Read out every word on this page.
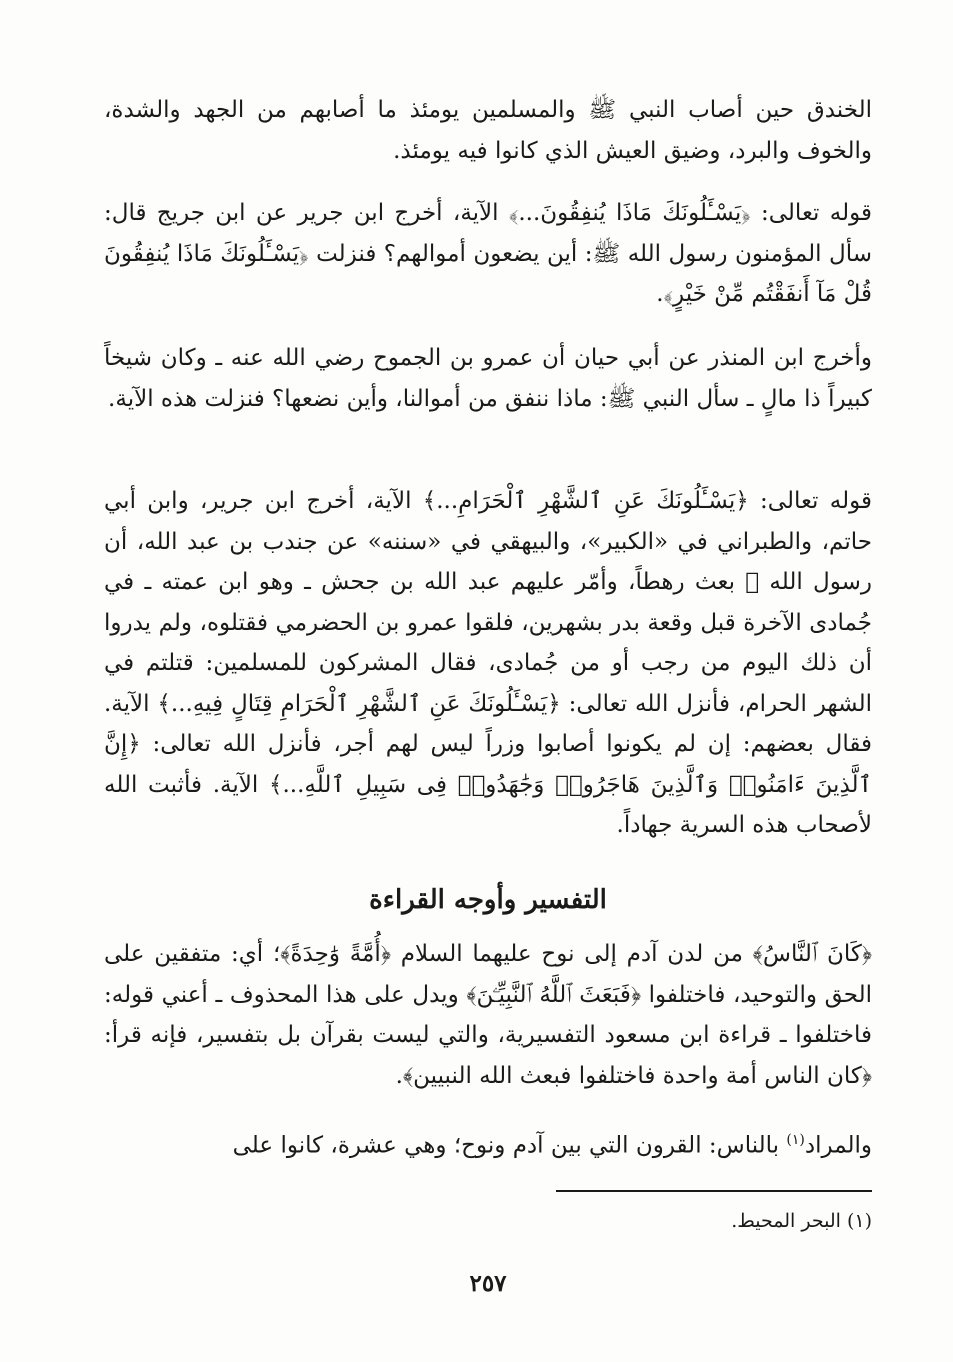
الخندق حين أصاب النبي ﷺ والمسلمين يومئذ ما أصابهم من الجهد والشدة، والخوف والبرد، وضيق العيش الذي كانوا فيه يومئذ.

قوله تعالى: ﴿يَسْـَٔلُونَكَ مَاذَا يُنفِقُونَ...﴾ الآية، أخرج ابن جرير عن ابن جريج قال: سأل المؤمنون رسول الله ﷺ: أين يضعون أموالهم؟ فنزلت ﴿يَسْـَٔلُونَكَ مَاذَا يُنفِقُونَ قُلْ مَآ أَنفَقْتُم مِّنْ خَيْرٍ﴾.

وأخرج ابن المنذر عن أبي حيان أن عمرو بن الجموح رضي الله عنه ـ وكان شيخاً كبيراً ذا مالٍ ـ سأل النبي ﷺ: ماذا ننفق من أموالنا، وأين نضعها؟ فنزلت هذه الآية.

قوله تعالى: ﴿يَسْـَٔلُونَكَ عَنِ ٱلشَّهْرِ ٱلْحَرَامِ...﴾ الآية، أخرج ابن جرير، وابن أبي حاتم، والطبراني في «الكبير»، والبيهقي في «سننه» عن جندب بن عبد الله، أن رسول الله ﷺ بعث رهطاً، وأمّر عليهم عبد الله بن جحش ـ وهو ابن عمته ـ في جُمادى الآخرة قبل وقعة بدر بشهرين، فلقوا عمرو بن الحضرمي فقتلوه، ولم يدروا أن ذلك اليوم من رجب أو من جُمادى، فقال المشركون للمسلمين: قتلتم في الشهر الحرام، فأنزل الله تعالى: ﴿يَسْـَٔلُونَكَ عَنِ ٱلشَّهْرِ ٱلْحَرَامِ قِتَالٍ فِيهِ...﴾ الآية. فقال بعضهم: إن لم يكونوا أصابوا وزراً ليس لهم أجر، فأنزل الله تعالى: ﴿إِنَّ ٱلَّذِينَ ءَامَنُوا۟ وَٱلَّذِينَ هَاجَرُوا۟ وَجَٰهَدُوا۟ فِى سَبِيلِ ٱللَّهِ...﴾ الآية. فأثبت الله لأصحاب هذه السرية جهاداً.

التفسير وأوجه القراءة

﴿كَانَ ٱلنَّاسُ﴾ من لدن آدم إلى نوح عليهما السلام ﴿أُمَّةً وَٰحِدَةً﴾؛ أي: متفقين على الحق والتوحيد، فاختلفوا ﴿فَبَعَثَ ٱللَّهُ ٱلنَّبِيِّـۧنَ﴾ ويدل على هذا المحذوف ـ أعني قوله: فاختلفوا ـ قراءة ابن مسعود التفسيرية، والتي ليست بقرآن بل بتفسير، فإنه قرأ: ﴿كان الناس أمة واحدة فاختلفوا فبعث الله النبيين﴾.

والمراد$^{(١)}$ بالناس: القرون التي بين آدم ونوح؛ وهي عشرة، كانوا على

(١) البحر المحيط.
٢٥٧
